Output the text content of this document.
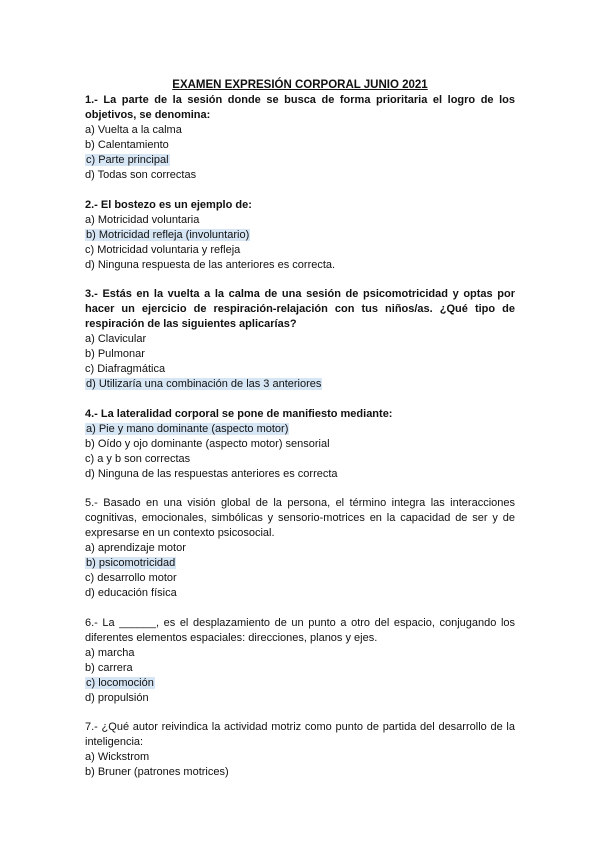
EXAMEN EXPRESIÓN CORPORAL JUNIO 2021

1.- La parte de la sesión donde se busca de forma prioritaria el logro de los objetivos, se denomina:

a) Vuelta a la calma

b) Calentamiento

c) Parte principal

d) Todas son correctas

2.- El bostezo es un ejemplo de:

a) Motricidad voluntaria

b) Motricidad refleja (involuntario)

c) Motricidad voluntaria y refleja

d) Ninguna respuesta de las anteriores es correcta.

3.- Estás en la vuelta a la calma de una sesión de psicomotricidad y optas por hacer un ejercicio de respiración-relajación con tus niños/as. ¿Qué tipo de respiración de las siguientes aplicarías?

a) Clavicular

b) Pulmonar

c) Diafragmática

d) Utilizaría una combinación de las 3 anteriores

4.- La lateralidad corporal se pone de manifiesto mediante:

a) Pie y mano dominante (aspecto motor)

b) Oído y ojo dominante (aspecto motor) sensorial

c) a y b son correctas

d) Ninguna de las respuestas anteriores es correcta

5.- Basado en una visión global de la persona, el término integra las interacciones cognitivas, emocionales, simbólicas y sensorio-motrices en la capacidad de ser y de expresarse en un contexto psicosocial.

a) aprendizaje motor

b) psicomotricidad

c) desarrollo motor

d) educación física

6.- La ______, es el desplazamiento de un punto a otro del espacio, conjugando los diferentes elementos espaciales: direcciones, planos y ejes.

a) marcha

b) carrera

c) locomoción

d) propulsión

7.- ¿Qué autor reivindica la actividad motriz como punto de partida del desarrollo de la inteligencia:

a) Wickstrom

b) Bruner (patrones motrices)
